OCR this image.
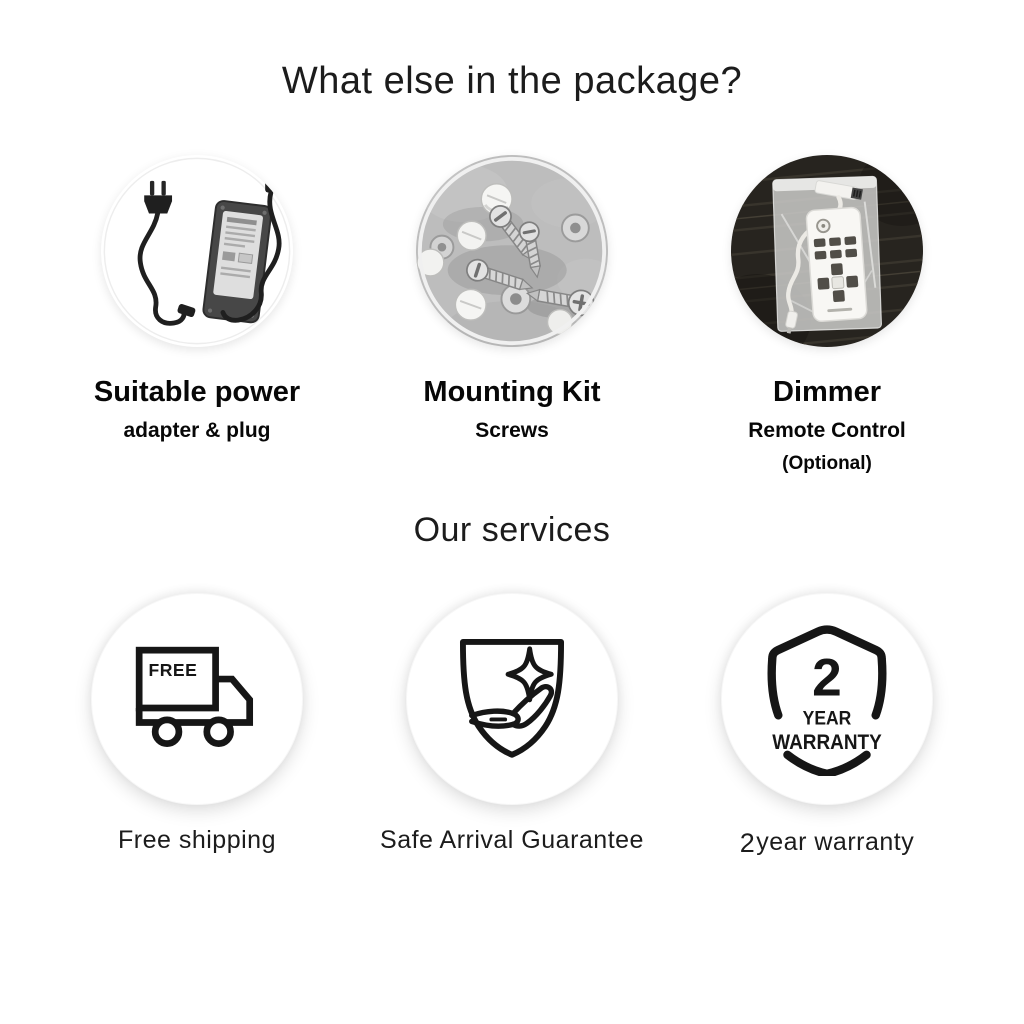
What else in the package?
Suitable power
adapter & plug
Mounting Kit
Screws
Dimmer
Remote Control
(Optional)
Our services
FREE
Free shipping	Safe Arrival Guarantee
2
YEAR
WARRANTY
2year warranty
